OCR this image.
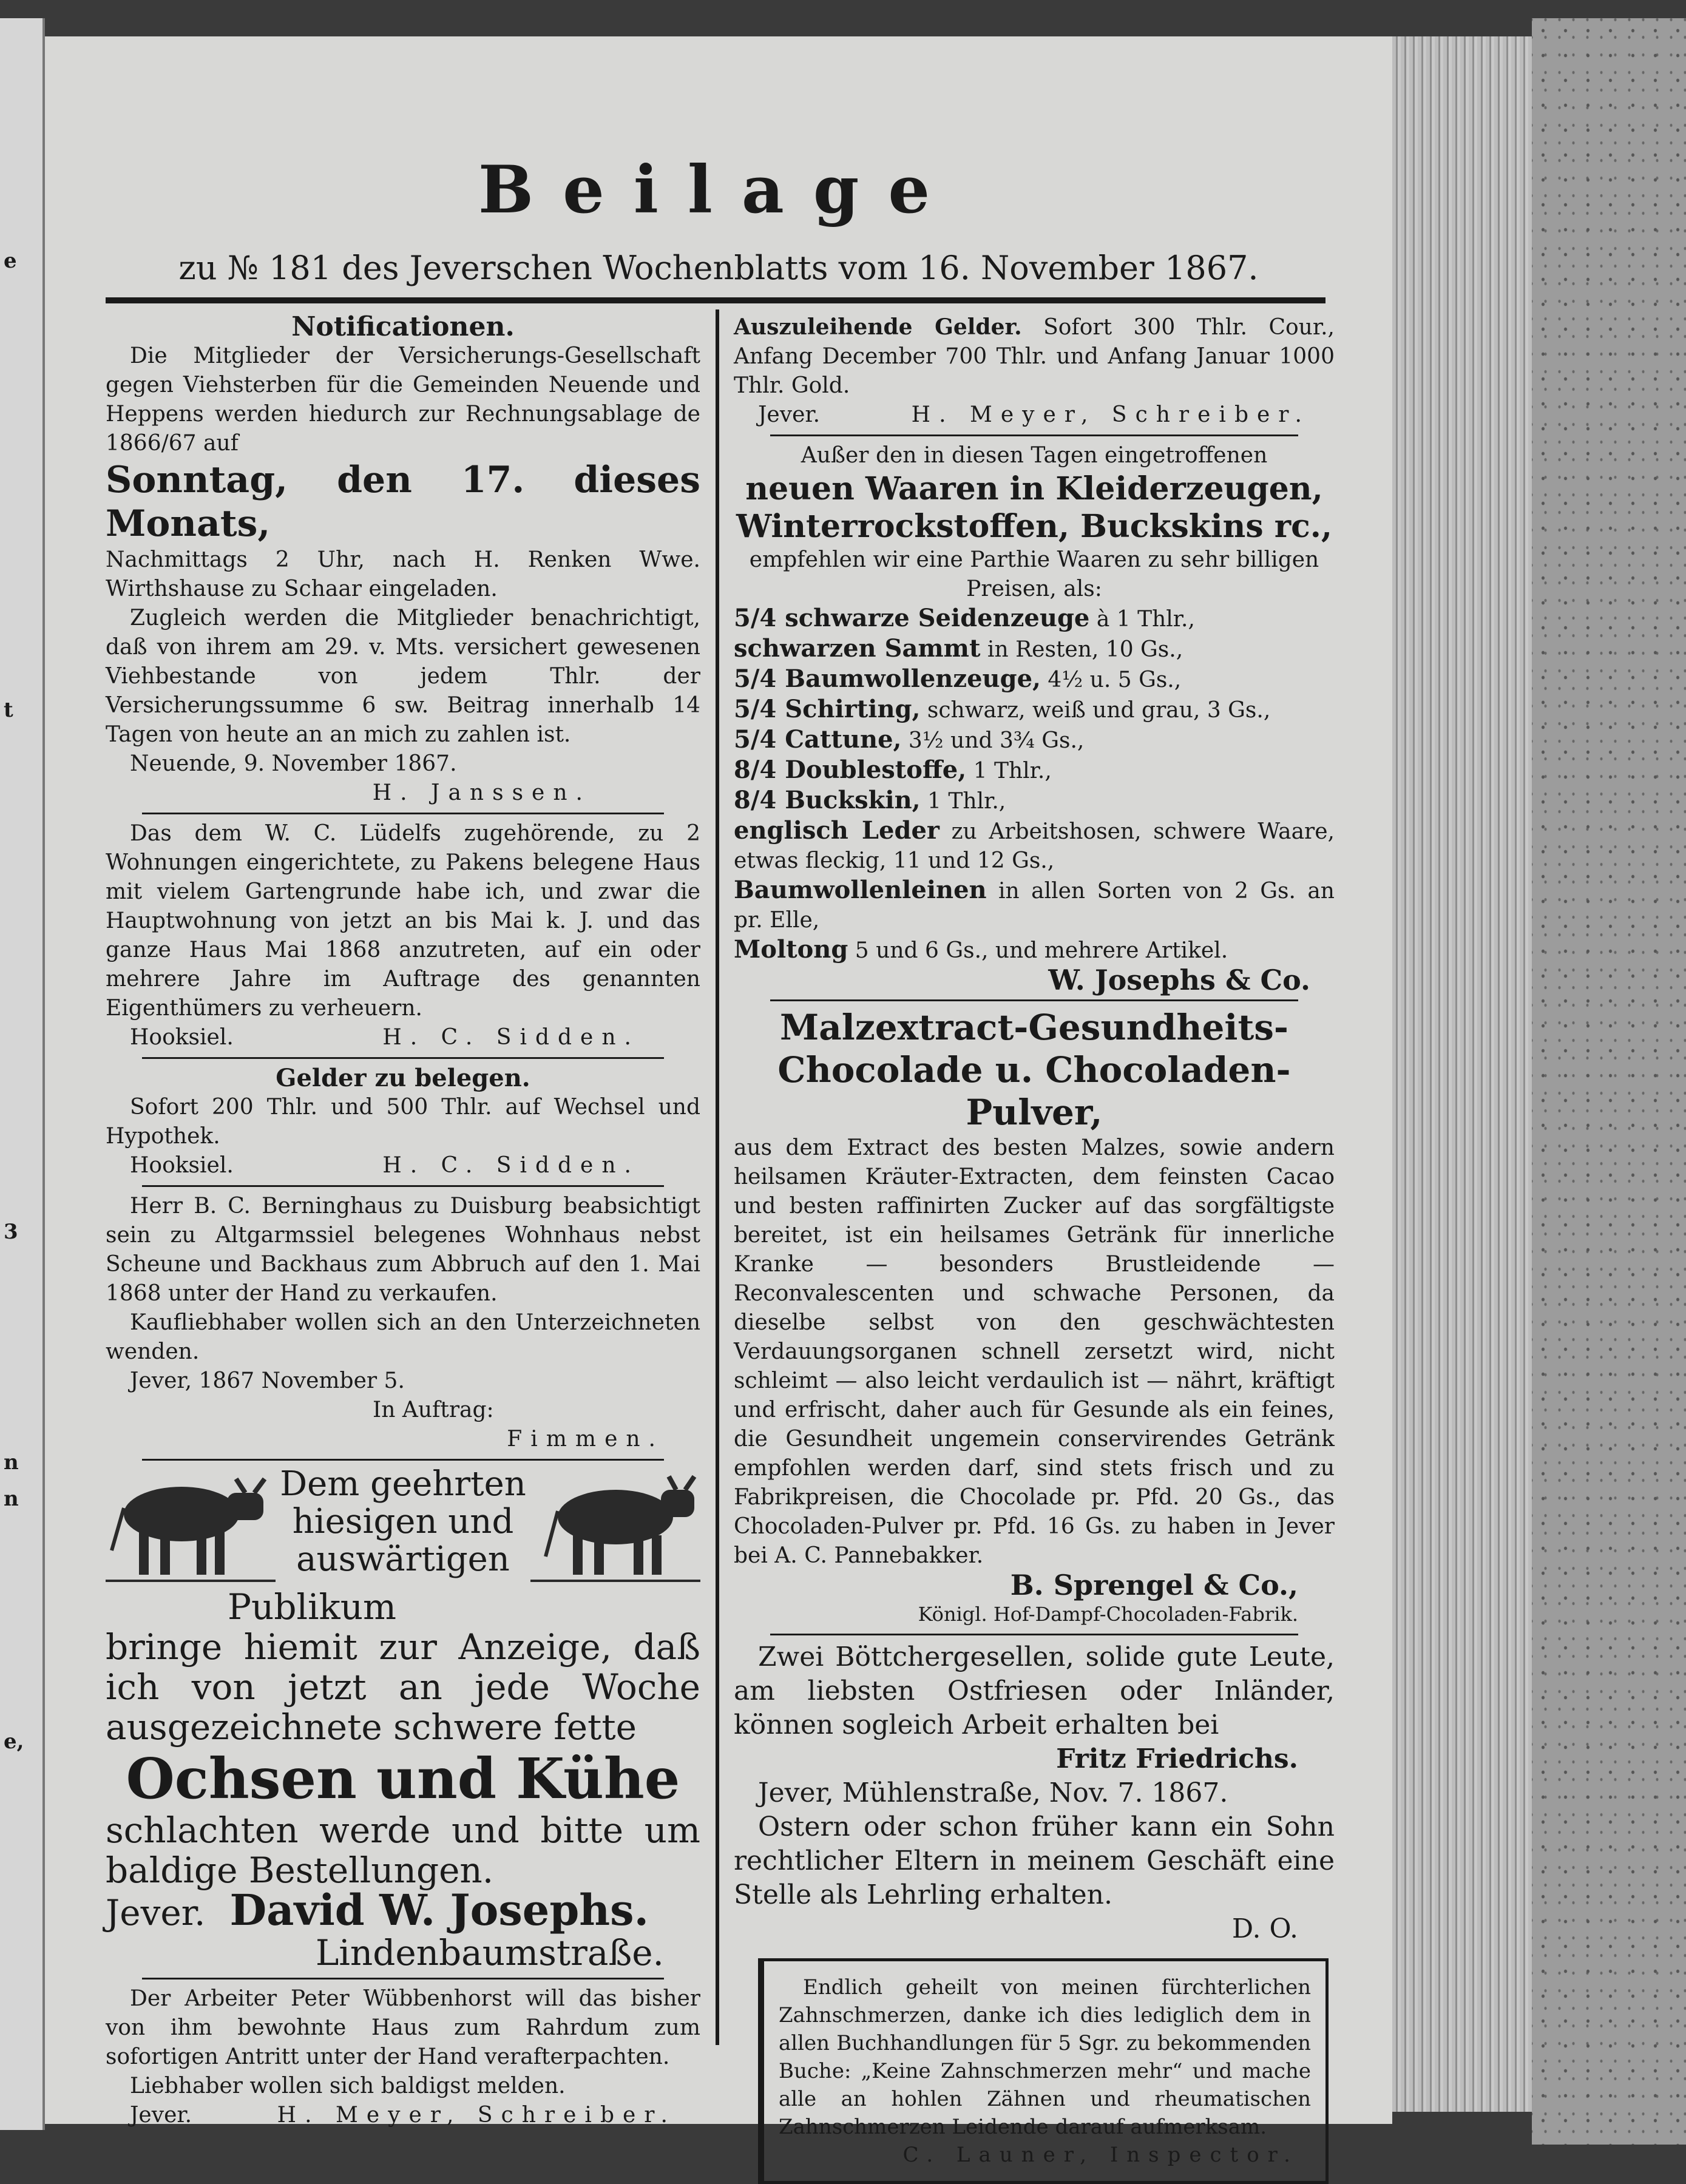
e
t
3
n
n
e,
Beilage
zu № 181 des Jeverschen Wochenblatts vom 16. November 1867.
Notificationen.

Die Mitglieder der Versicherungs-Gesellschaft gegen Viehsterben für die Gemeinden Neuende und Heppens werden hiedurch zur Rechnungsablage de 1866/67 auf

Sonntag, den 17. dieses Monats,

Nachmittags 2 Uhr, nach H. Renken Wwe. Wirthshause zu Schaar eingeladen.

Zugleich werden die Mitglieder benachrichtigt, daß von ihrem am 29. v. Mts. versichert gewesenen Viehbestande von jedem Thlr. der Versicherungssumme 6 sw. Beitrag innerhalb 14 Tagen von heute an an mich zu zahlen ist.

Neuende, 9. November 1867.

H. Janssen.

Das dem W. C. Lüdelfs zugehörende, zu 2 Wohnungen eingerichtete, zu Pakens belegene Haus mit vielem Gartengrunde habe ich, und zwar die Hauptwohnung von jetzt an bis Mai k. J. und das ganze Haus Mai 1868 anzutreten, auf ein oder mehrere Jahre im Auftrage des genannten Eigenthümers zu verheuern.

Hooksiel.	H. C. Sidden.
Gelder zu belegen.

Sofort 200 Thlr. und 500 Thlr. auf Wechsel und Hypothek.

Hooksiel.	H. C. Sidden.

Herr B. C. Berninghaus zu Duisburg beabsichtigt sein zu Altgarmssiel belegenes Wohnhaus nebst Scheune und Backhaus zum Abbruch auf den 1. Mai 1868 unter der Hand zu verkaufen.

Kaufliebhaber wollen sich an den Unterzeichneten wenden.

Jever, 1867 November 5.

In Auftrag:
Fimmen.
Dem geehrten
hiesigen und
auswärtigen
Publikum
bringe hiemit zur Anzeige, daß ich von jetzt an jede Woche ausgezeichnete schwere fette
Ochsen und Kühe
schlachten werde und bitte um baldige Bestellungen.
Jever. David W. Josephs.
Lindenbaumstraße.

Der Arbeiter Peter Wübbenhorst will das bisher von ihm bewohnte Haus zum Rahrdum zum sofortigen Antritt unter der Hand verafterpachten.

Liebhaber wollen sich baldigst melden.

Jever.	H. Meyer, Schreiber.

Auszuleihende Gelder. Sofort 300 Thlr. Cour., Anfang December 700 Thlr. und Anfang Januar 1000 Thlr. Gold.

Jever.	H. Meyer, Schreiber.
Außer den in diesen Tagen eingetroffenen
neuen Waaren in Kleiderzeugen,
Winterrockstoffen, Buckskins rc.,

empfehlen wir eine Parthie Waaren zu sehr billigen Preisen, als:

5/4 schwarze Seidenzeuge à 1 Thlr.,
schwarzen Sammt in Resten, 10 Gs.,
5/4 Baumwollenzeuge, 4½ u. 5 Gs.,
5/4 Schirting, schwarz, weiß und grau, 3 Gs.,
5/4 Cattune, 3½ und 3¾ Gs.,
8/4 Doublestoffe, 1 Thlr.,
8/4 Buckskin, 1 Thlr.,
englisch Leder zu Arbeitshosen, schwere Waare, etwas fleckig, 11 und 12 Gs.,
Baumwollenleinen in allen Sorten von 2 Gs. an pr. Elle,
Moltong 5 und 6 Gs., und mehrere Artikel.
W. Josephs & Co.
Malzextract-Gesundheits-Chocolade u. Chocoladen-Pulver,

aus dem Extract des besten Malzes, sowie andern heilsamen Kräuter-Extracten, dem feinsten Cacao und besten raffinirten Zucker auf das sorgfältigste bereitet, ist ein heilsames Getränk für innerliche Kranke — besonders Brustleidende — Reconvalescenten und schwache Personen, da dieselbe selbst von den geschwächtesten Verdauungsorganen schnell zersetzt wird, nicht schleimt — also leicht verdaulich ist — nährt, kräftigt und erfrischt, daher auch für Gesunde als ein feines, die Gesundheit ungemein conservirendes Getränk empfohlen werden darf, sind stets frisch und zu Fabrikpreisen, die Chocolade pr. Pfd. 20 Gs., das Chocoladen-Pulver pr. Pfd. 16 Gs. zu haben in Jever bei A. C. Pannebakker.

B. Sprengel & Co.,
Königl. Hof-Dampf-Chocoladen-Fabrik.

Zwei Böttchergesellen, solide gute Leute, am liebsten Ostfriesen oder Inländer, können sogleich Arbeit erhalten bei

Fritz Friedrichs.

Jever, Mühlenstraße, Nov. 7. 1867.

Ostern oder schon früher kann ein Sohn rechtlicher Eltern in meinem Geschäft eine Stelle als Lehrling erhalten.

D. O.

Endlich geheilt von meinen fürchterlichen Zahnschmerzen, danke ich dies lediglich dem in allen Buchhandlungen für 5 Sgr. zu bekommenden Buche: „Keine Zahnschmerzen mehr“ und mache alle an hohlen Zähnen und rheumatischen Zahnschmerzen Leidende darauf aufmerksam.

C. Launer, Inspector.
